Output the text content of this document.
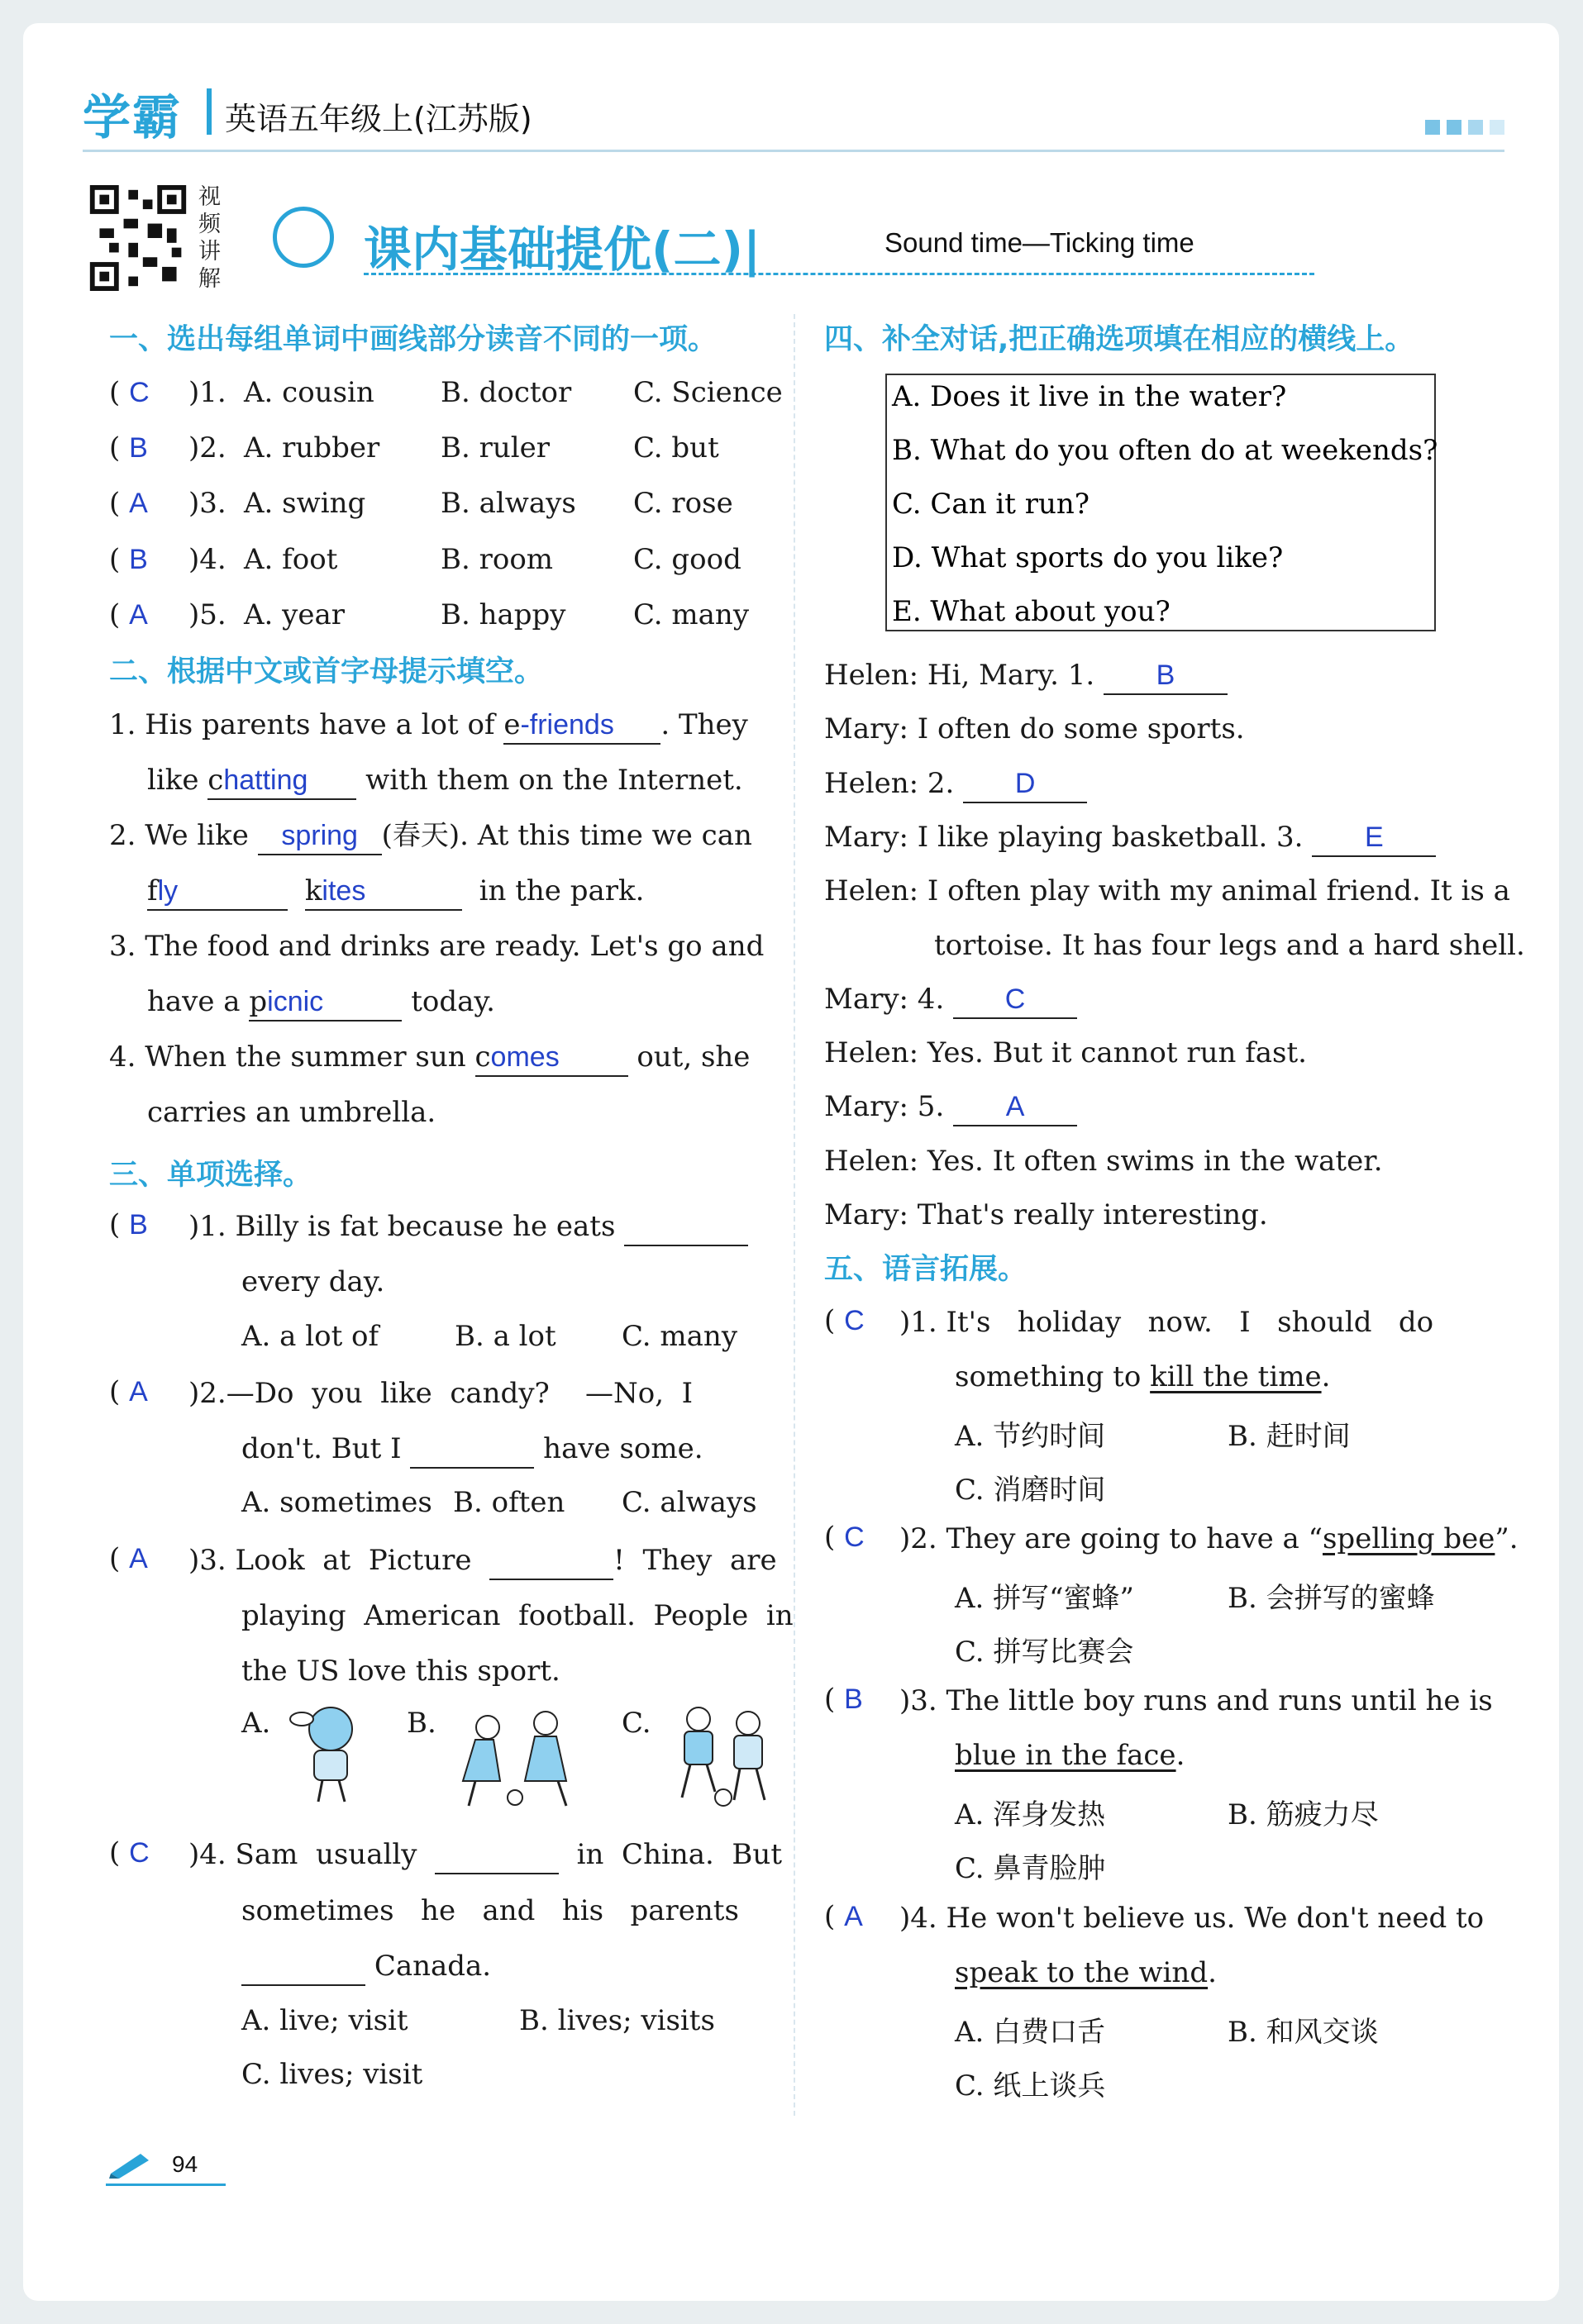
学霸 英语五年级上(江苏版)
视频讲解
课内基础提优(二)|	Sound time—Ticking time
一、选出每组单词中画线部分读音不同的一项。
( C )1. A. cousin B. doctor C. Science
( B )2. A. rubber B. ruler	C. but
( A )3. A. swing	B. always C. rose
( B )4. A. foot	B. room	C. good
( A )5. A. year	B. happy C. many
二、根据中文或首字母提示填空。
1. His parents have a lot of e-friends . They
like chatting with them on the Internet.
2. We like spring (春天). At this time we can
fly	kites	in the park.
3. The food and drinks are ready. Let's go and
have a picnic	today.
4. When the summer sun comes	out, she
carries an umbrella.
三、单项选择。
( B )1. Billy is fat because he eats
every day.
A. a lot of	B. a lot C. many
( A )2.—Do  you  like  candy?    —No,  I
don't. But I	have some.
A. sometimes B. often C. always
( A )3. Look  at  Picture	!  They  are
playing  American  football.  People  in
the US love this sport.
A.	B.	C.
( C )4. Sam  usually	in  China.  But
sometimes   he   and   his   parents
Canada.
A. live; visit	B. lives; visits
C. lives; visit
四、补全对话,把正确选项填在相应的横线上。
A. Does it live in the water?
B. What do you often do at weekends?
C. Can it run?
D. What sports do you like?
E. What about you?
Helen: Hi, Mary. 1. B
Mary: I often do some sports.
Helen: 2. D
Mary: I like playing basketball. 3. E
Helen: I often play with my animal friend. It is a
tortoise. It has four legs and a hard shell.
Mary: 4. C
Helen: Yes. But it cannot run fast.
Mary: 5. A
Helen: Yes. It often swims in the water.
Mary: That's really interesting.
五、语言拓展。
( C )1. It's   holiday   now.   I   should   do
something to kill the time.
A. 节约时间	B. 赶时间
C. 消磨时间
( C )2. They are going to have a “spelling bee”.
A. 拼写“蜜蜂”	B. 会拼写的蜜蜂
C. 拼写比赛会
( B )3. The little boy runs and runs until he is
blue in the face.
A. 浑身发热	B. 筋疲力尽
C. 鼻青脸肿
( A )4. He won't believe us. We don't need to
speak to the wind.
A. 白费口舌	B. 和风交谈
C. 纸上谈兵
94
